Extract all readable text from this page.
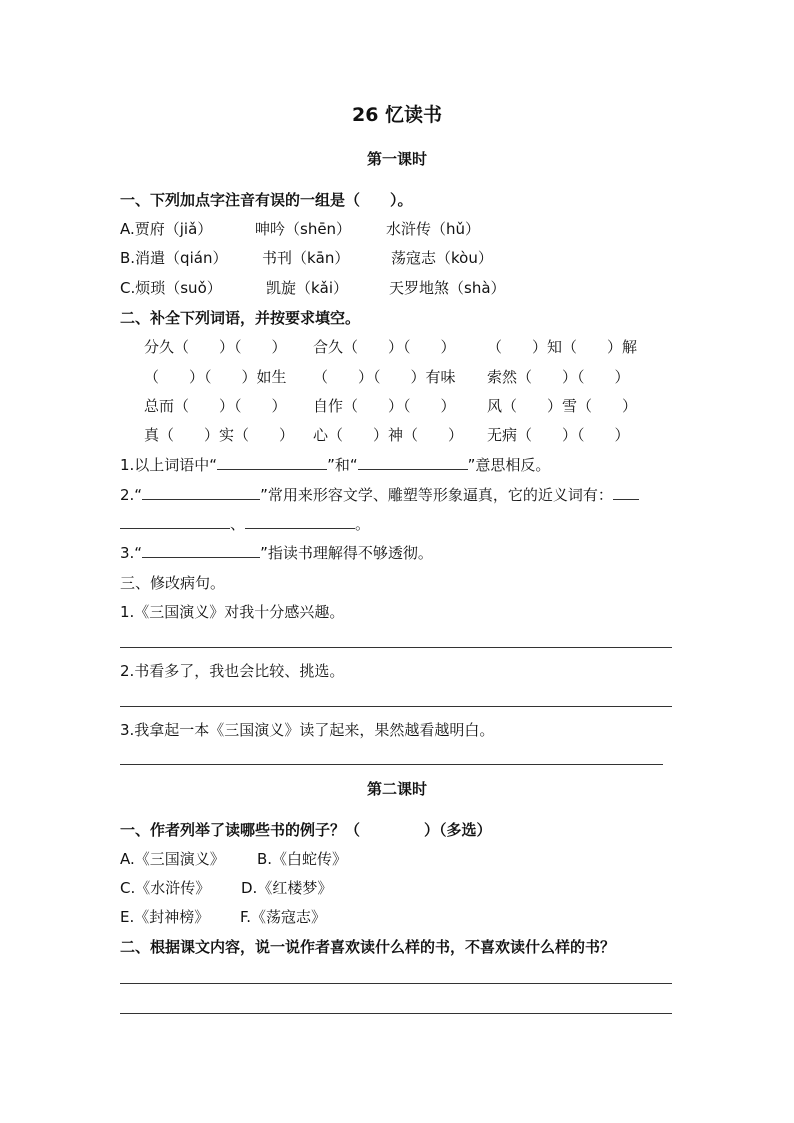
26 忆读书
第一课时
一、下列加点字注音有误的一组是（　　）。
A.贾府（jiǎ）	呻吟（shēn） 水浒传（hǔ）
B.消遣（qián） 书刊（kān）	荡寇志（kòu）
C.烦琐（suǒ）	凯旋（kǎi）	天罗地煞（shà）
二、补全下列词语，并按要求填空。
分久（　　）（　　） 合久（　　）（　　） （　　）知（　　）解
（　　）（　　）如生 （　　）（　　）有味 索然（　　）（　　）
总而（　　）（　　） 自作（　　）（　　） 风（　　）雪（　　）
真（　　）实（　　） 心（　　）神（　　） 无病（　　）（　　）
1.以上词语中“	”和“	”意思相反。
2.“	”常用来形容文学、雕塑等形象逼真，它的近义词有：
、	。
3.“	”指读书理解得不够透彻。
三、修改病句。
1.《三国演义》对我十分感兴趣。
2.书看多了，我也会比较、挑选。
3.我拿起一本《三国演义》读了起来，果然越看越明白。
第二课时
一、作者列举了读哪些书的例子？（	）（多选）
A.《三国演义》 B.《白蛇传》
C.《水浒传》 D.《红楼梦》
E.《封神榜》 F.《荡寇志》
二、根据课文内容，说一说作者喜欢读什么样的书，不喜欢读什么样的书？
